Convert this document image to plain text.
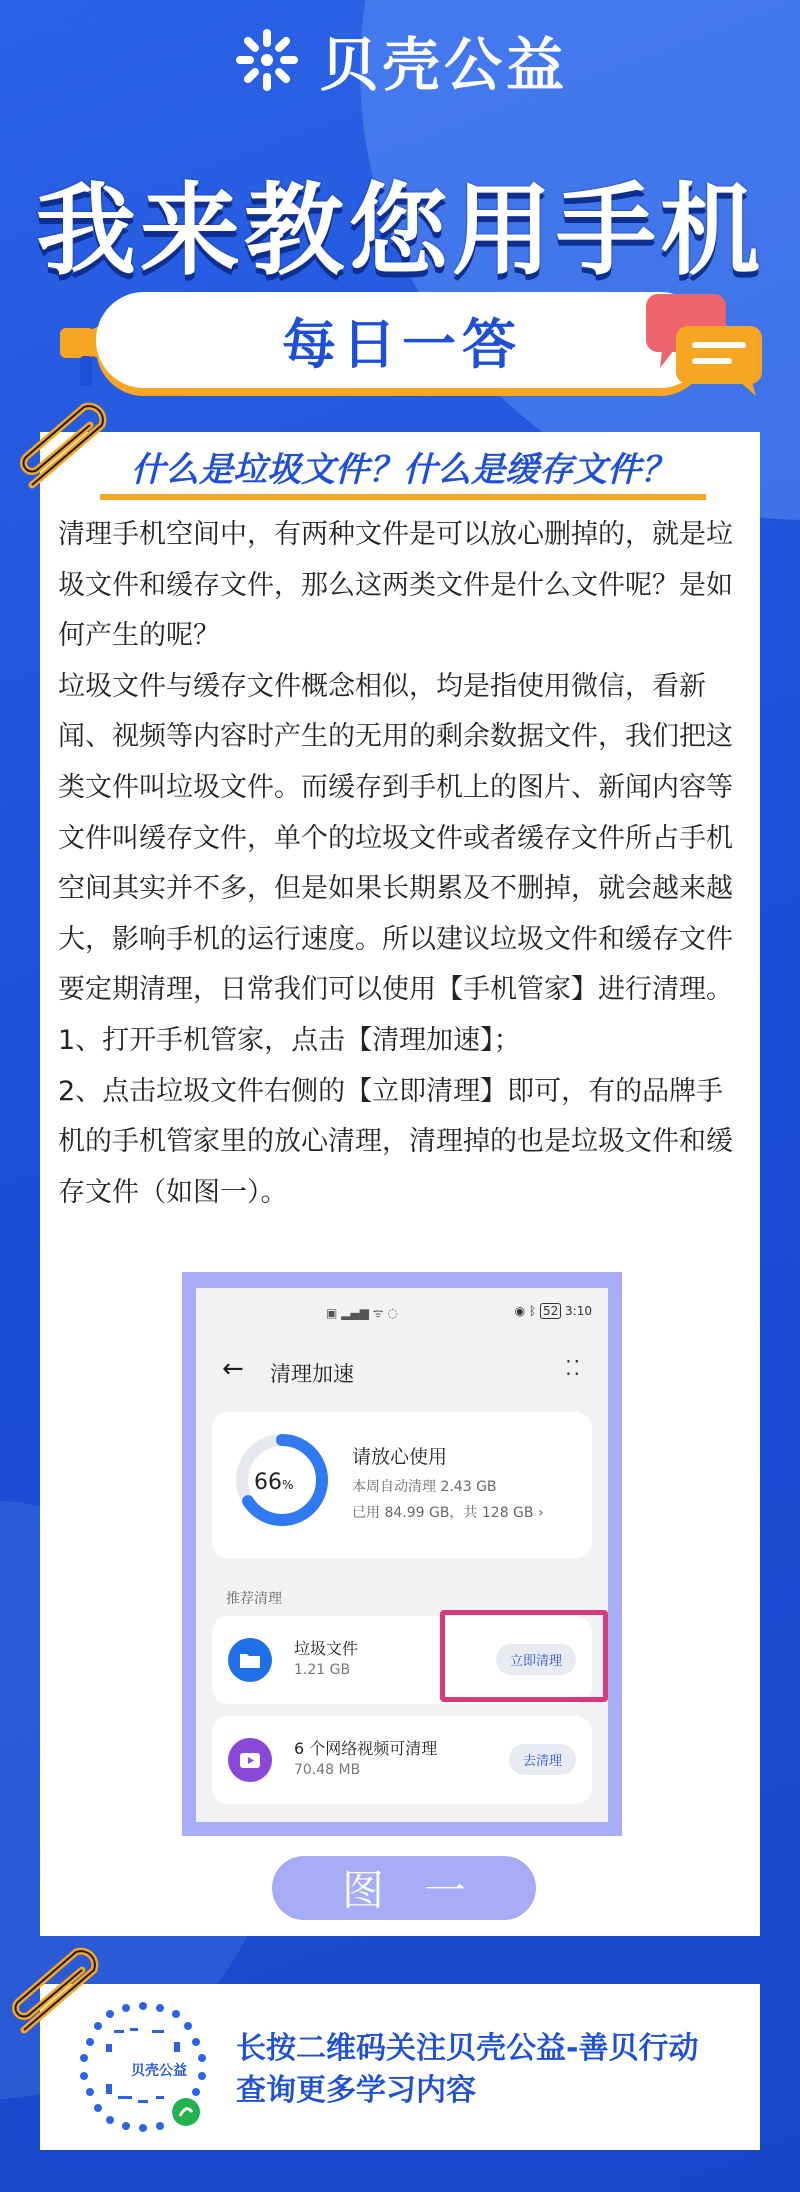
贝壳公益
我来教您用手机
每日一答
什么是垃圾文件？什么是缓存文件？

清理手机空间中，有两种文件是可以放心删掉的，就是垃圾文件和缓存文件，那么这两类文件是什么文件呢？是如何产生的呢？

垃圾文件与缓存文件概念相似，均是指使用微信，看新闻、视频等内容时产生的无用的剩余数据文件，我们把这类文件叫垃圾文件。而缓存到手机上的图片、新闻内容等文件叫缓存文件，单个的垃圾文件或者缓存文件所占手机空间其实并不多，但是如果长期累及不删掉，就会越来越大，影响手机的运行速度。所以建议垃圾文件和缓存文件要定期清理，日常我们可以使用【手机管家】进行清理。

1、打开手机管家，点击【清理加速】；

2、点击垃圾文件右侧的【立即清理】即可，有的品牌手机的手机管家里的放心清理，清理掉的也是垃圾文件和缓存文件（如图一）。

▣ ▂▄▆ ᯤ ◌	◉ ᛒ 52 3:10
← 清理加速	⁚⁚
66%
请放心使用
本周自动清理 2.43 GB
已用 84.99 GB，共 128 GB ›
推荐清理
垃圾文件
1.21 GB
立即清理
6 个网络视频可清理
70.48 MB
去清理
图一
贝壳公益
长按二维码关注贝壳公益-善贝行动
查询更多学习内容
